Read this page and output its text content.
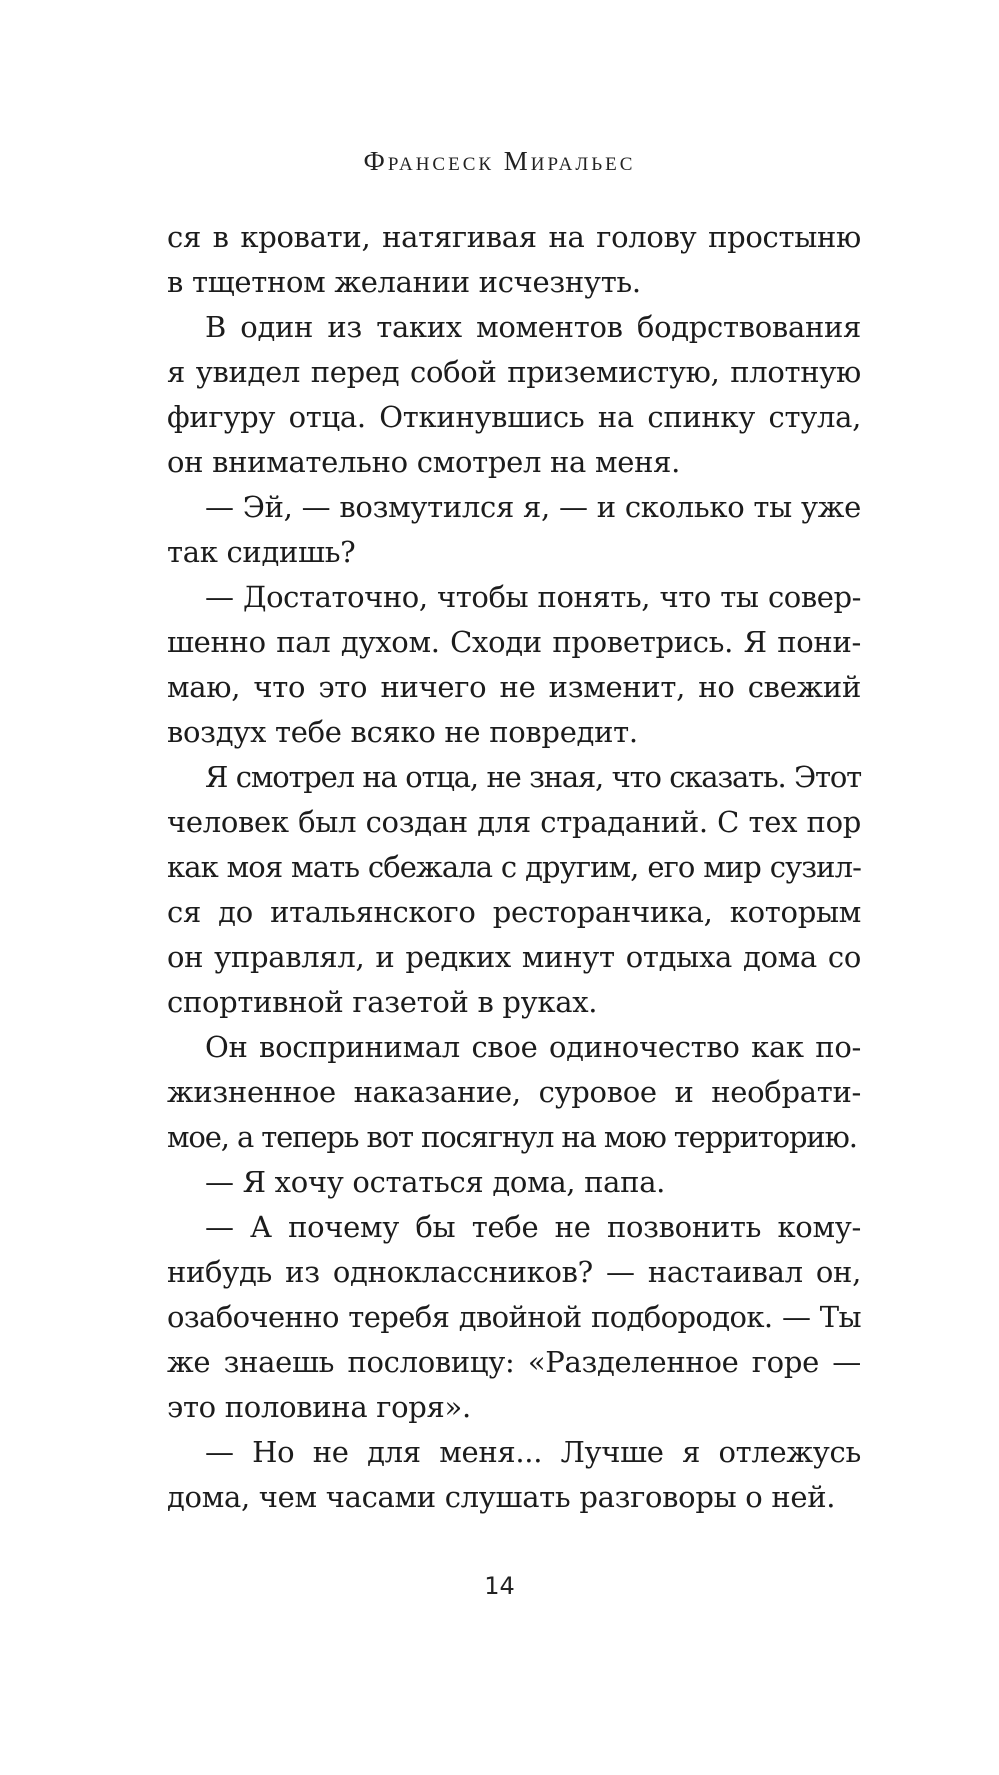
Франсеск Миральес
ся в кровати, натягивая на голову простыню
в тщетном желании исчезнуть.
В один из таких моментов бодрствования
я увидел перед собой приземистую, плотную
фигуру отца. Откинувшись на спинку стула,
он внимательно смотрел на меня.
— Эй, — возмутился я, — и сколько ты уже
так сидишь?
— Достаточно, чтобы понять, что ты совер-
шенно пал духом. Сходи проветрись. Я пони-
маю, что это ничего не изменит, но свежий
воздух тебе всяко не повредит.
Я смотрел на отца, не зная, что сказать. Этот
человек был создан для страданий. С тех пор
как моя мать сбежала с другим, его мир сузил-
ся до итальянского ресторанчика, которым
он управлял, и редких минут отдыха дома со
спортивной газетой в руках.
Он воспринимал свое одиночество как по-
жизненное наказание, суровое и необрати-
мое, а теперь вот посягнул на мою территорию.
— Я хочу остаться дома, папа.
— А почему бы тебе не позвонить кому-
нибудь из одноклассников? — настаивал он,
озабоченно теребя двойной подбородок. — Ты
же знаешь пословицу: «Разделенное горе —
это половина горя».
— Но не для меня... Лучше я отлежусь
дома, чем часами слушать разговоры о ней.
14
